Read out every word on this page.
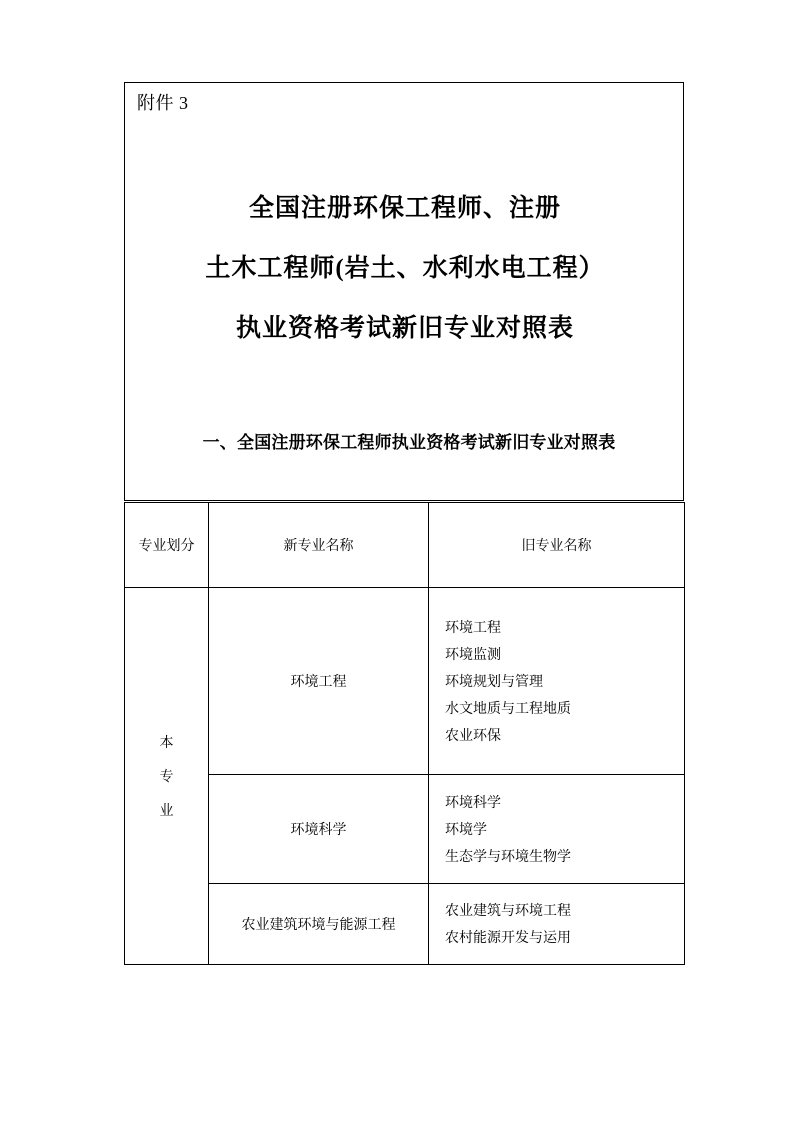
附件 3
全国注册环保工程师、注册
土木工程师(岩土、水利水电工程）
执业资格考试新旧专业对照表
一、全国注册环保工程师执业资格考试新旧专业对照表
专业划分	新专业名称	旧专业名称
本专业	环境工程	环境工程
环境监测
环境规划与管理
水文地质与工程地质
农业环保

	环境科学	环境科学
环境学
生态学与环境生物学

	农业建筑环境与能源工程	农业建筑与环境工程
农村能源开发与运用
